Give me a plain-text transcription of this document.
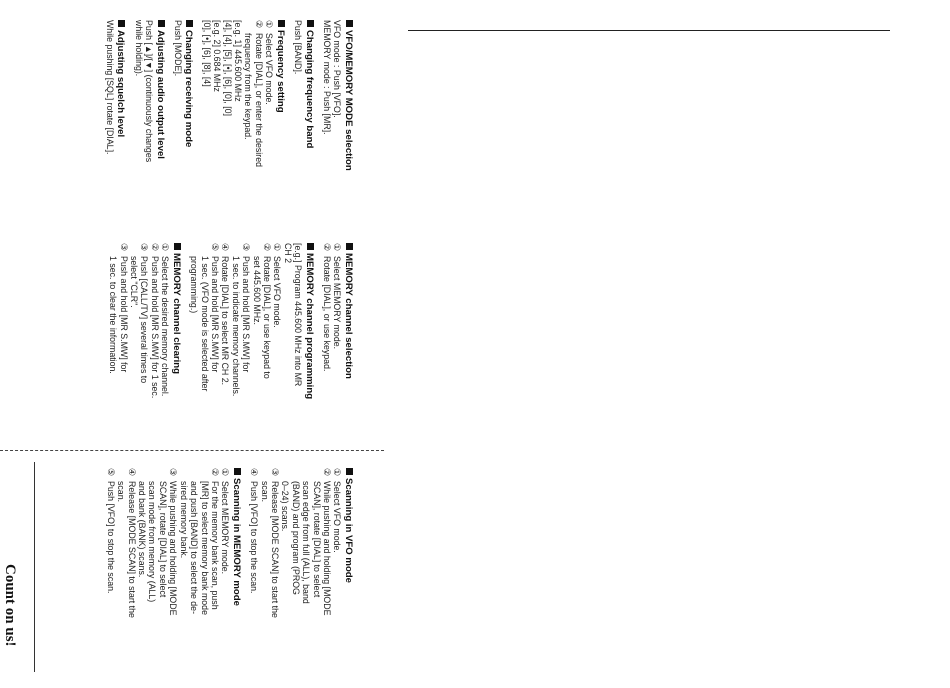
Count on us!
VFO/MEMORY MODE selection
VFO mode : Push [VFO].
MEMORY mode : Push [MR].
Changing frequency band
Push [BAND].
Frequency setting
①Select VFO mode.
②Rotate [DIAL], or enter the desired
frequency from the keypad.
[e.g. 1] 445.600 MHz
[4], [4], [5], [•], [6], [0], [0]
[e.g. 2] 0.684 MHz
[0], [•], [6], [8], [4]
Changing receiving mode
Push [MODE].
Adjusting audio output level
Push [▲]/[▼] (continuously changes
while holding).
Adjusting squelch level
While pushing [SQL] rotate [DIAL].
MEMORY channel selection
①Select MEMORY mode.
②Rotate [DIAL], or use keypad.
MEMORY channel programming
[e.g.] Program 445.600 MHz into MR
CH 2
①Select VFO mode.
②Rotate [DIAL], or use keypad to
set 445.600 MHz.
③Push and hold [MR S.MW] for
1 sec. to indicate memory channels.
④Rotate [DIAL] to select MR CH 2.
⑤Push and hold [MR S.MW] for
1 sec. (VFO mode is selected after
programming.)
MEMORY channel clearing
①Select the desired memory channel.
②Push and hold [MR S.MW] for 1 sec.
③Push [CALL/TV] several times to
select "CLR".
③Push and hold [MR S.MW] for
1 sec. to clear the information.
Scanning in VFO mode
①Select VFO mode.
②While pushing and holding [MODE
SCAN], rotate [DIAL] to select
scan edge from full (ALL), band
(BAND) and program (PROG
0–24) scans.
③Release [MODE SCAN] to start the
scan.
④Push [VFO] to stop the scan.
Scanning in MEMORY mode
①Select MEMORY mode.
②For the memory bank scan, push
[MR] to select memory bank mode
and push [BAND] to select the de-
sired memory bank.
③While pushing and holding [MODE
SCAN], rotate [DIAL] to select
scan mode from memory (ALL)
and bank (BANK) scans.
④Release [MODE SCAN] to start the
scan.
⑤Push [VFO] to stop the scan.
